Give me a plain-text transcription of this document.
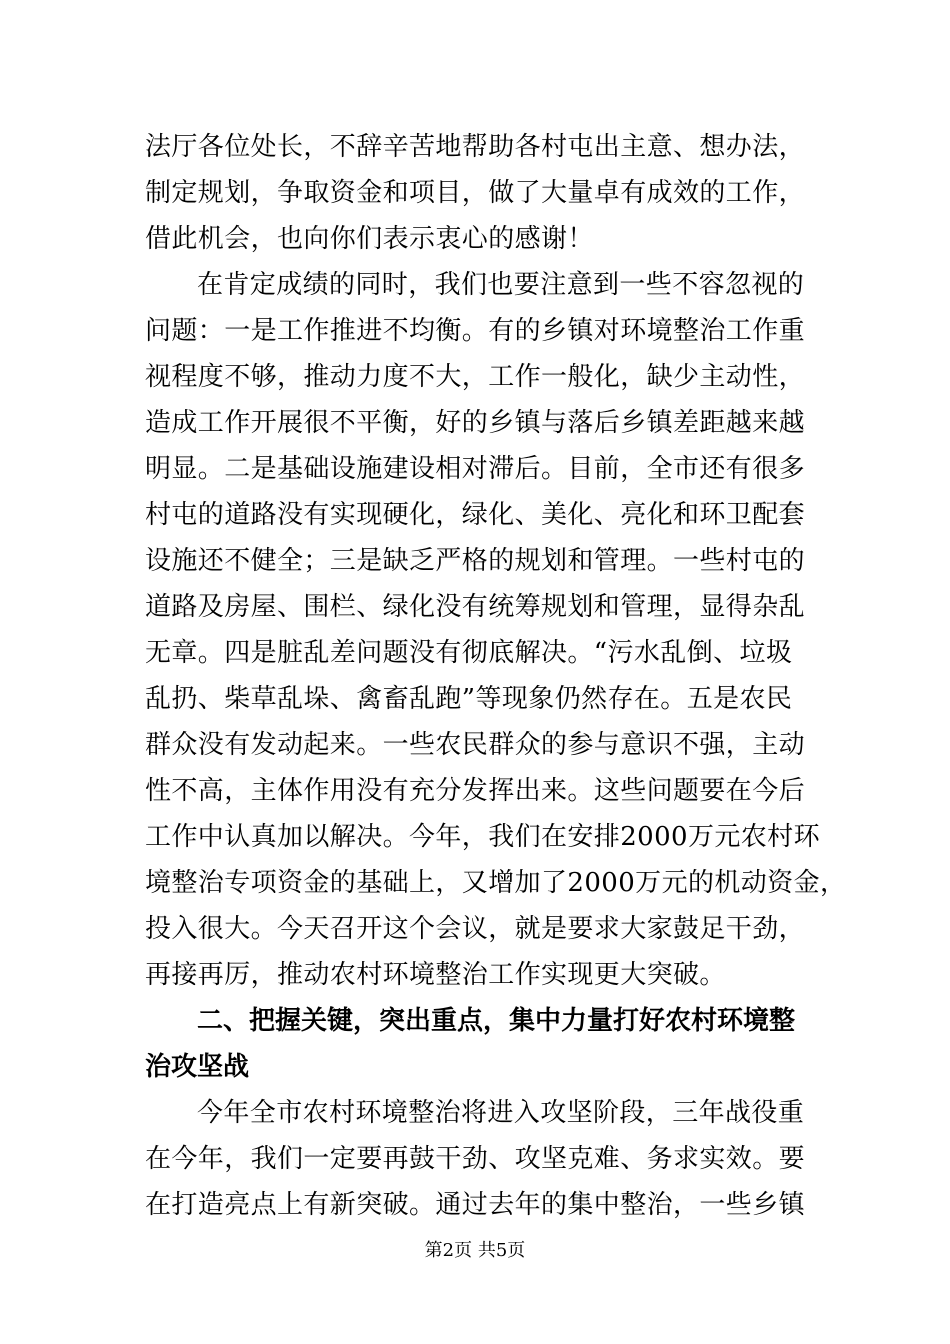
法厅各位处长，不辞辛苦地帮助各村屯出主意、想办法，
制定规划，争取资金和项目，做了大量卓有成效的工作，
借此机会，也向你们表示衷心的感谢！
在肯定成绩的同时，我们也要注意到一些不容忽视的
问题：一是工作推进不均衡。有的乡镇对环境整治工作重
视程度不够，推动力度不大，工作一般化，缺少主动性，
造成工作开展很不平衡，好的乡镇与落后乡镇差距越来越
明显。二是基础设施建设相对滞后。目前，全市还有很多
村屯的道路没有实现硬化，绿化、美化、亮化和环卫配套
设施还不健全；三是缺乏严格的规划和管理。一些村屯的
道路及房屋、围栏、绿化没有统筹规划和管理，显得杂乱
无章。四是脏乱差问题没有彻底解决。“污水乱倒、垃圾
乱扔、柴草乱垛、禽畜乱跑”等现象仍然存在。五是农民
群众没有发动起来。一些农民群众的参与意识不强，主动
性不高，主体作用没有充分发挥出来。这些问题要在今后
工作中认真加以解决。今年，我们在安排2000万元农村环
境整治专项资金的基础上，又增加了2000万元的机动资金，
投入很大。今天召开这个会议，就是要求大家鼓足干劲，
再接再厉，推动农村环境整治工作实现更大突破。
二、把握关键，突出重点，集中力量打好农村环境整
治攻坚战
今年全市农村环境整治将进入攻坚阶段，三年战役重
在今年，我们一定要再鼓干劲、攻坚克难、务求实效。要
在打造亮点上有新突破。通过去年的集中整治，一些乡镇
第2页 共5页
